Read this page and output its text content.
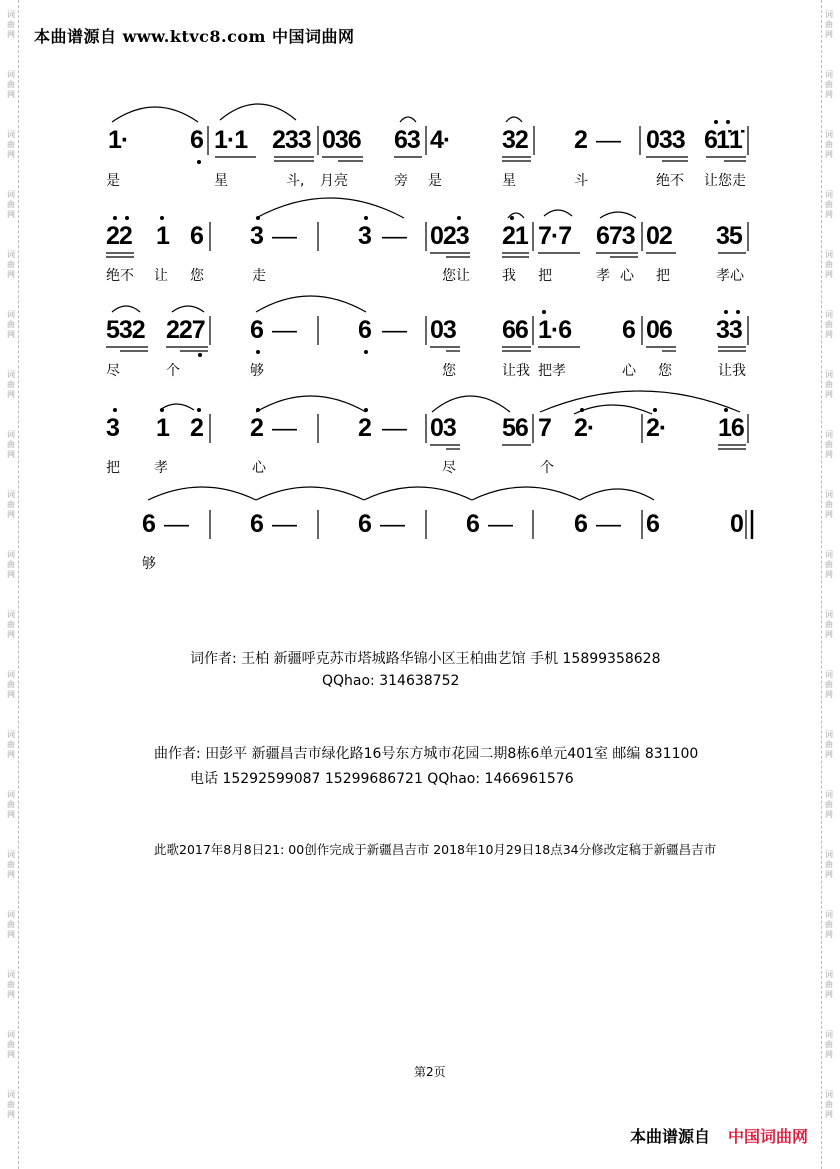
词曲网
词曲网
词曲网
词曲网
词曲网
词曲网
词曲网
词曲网
词曲网
词曲网
词曲网
词曲网
词曲网
词曲网
词曲网
词曲网
词曲网
词曲网
词曲网
词曲网
词曲网
词曲网
词曲网
词曲网
词曲网
词曲网
词曲网
词曲网
词曲网
词曲网
词曲网
词曲网
词曲网
词曲网
词曲网
词曲网
词曲网
词曲网
本曲谱源自 www.ktvc8.com 中国词曲网
1· 6 1·1 233 036 63 4· 32 2 — 033 6 1̇1̇
是	星	斗, 月亮	旁 是	星	斗	绝不 让您走
22 1 6 3 — 3 — 023 21 7·7 673 02 35
绝不 让 您	走	您让 我 把	孝 心 把	孝心
532 227 6 — 6 — 03 66 1·6 6 06 33
尽	个	够	您	让我 把孝	心 您	让我
3 1 2 2 — 2 — 03 56 7 2· 2· 16
把 孝	心	尽	个
6 — 6 — 6 — 6 — 6 — 6	0
够
词作者: 王柏 新疆呼克苏市塔城路华锦小区王柏曲艺馆 手机 15899358628
QQhao: 314638752
曲作者: 田彭平 新疆昌吉市绿化路16号东方城市花园二期8栋6单元401室 邮编 831100
电话 15292599087 15299686721 QQhao: 1466961576
此歌2017年8月8日21: 00创作完成于新疆昌吉市 2018年10月29日18点34分修改定稿于新疆昌吉市
第2页
本曲谱源自 中国词曲网
